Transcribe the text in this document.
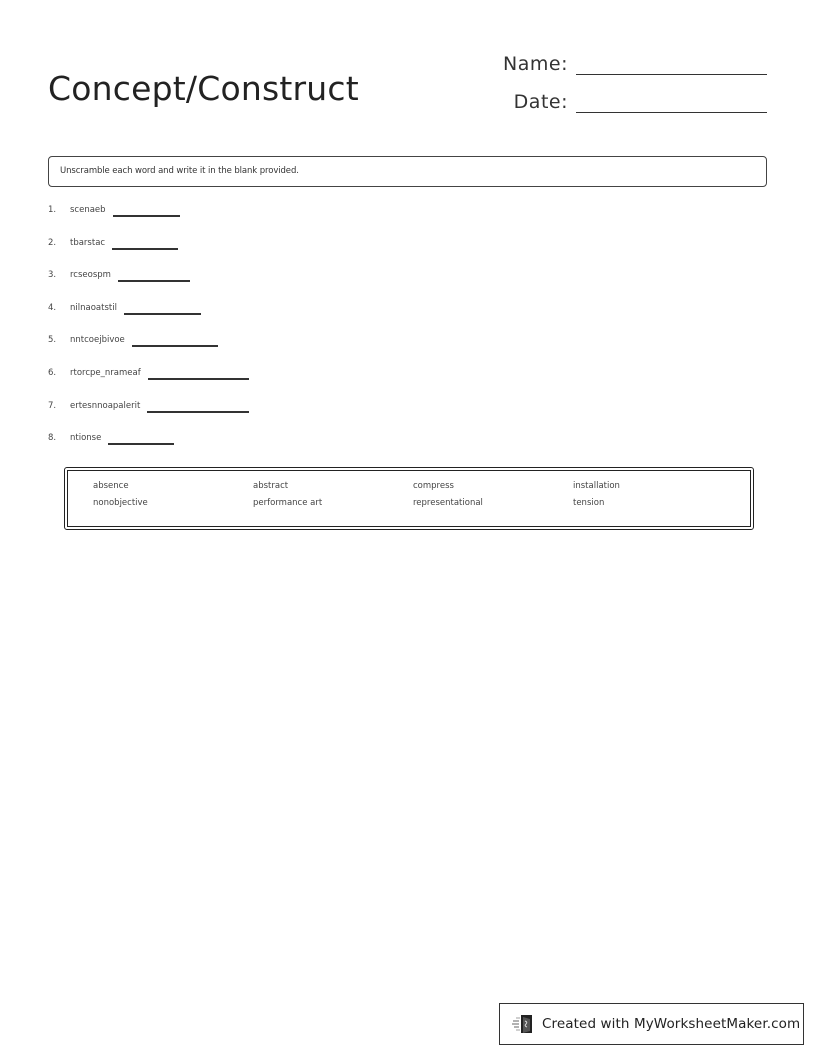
Concept/Construct
Name:
Date:
Unscramble each word and write it in the blank provided.
1.	scenaeb
2.	tbarstac
3.	rcseospm
4.	nilnaoatstil
5.	nntcoejbivoe
6.	rtorcpe_nrameaf
7.	ertesnnoapalerit
8.	ntionse
absence	abstract	compress	installation
nonobjective	performance art	representational	tension
Created with MyWorksheetMaker.com
